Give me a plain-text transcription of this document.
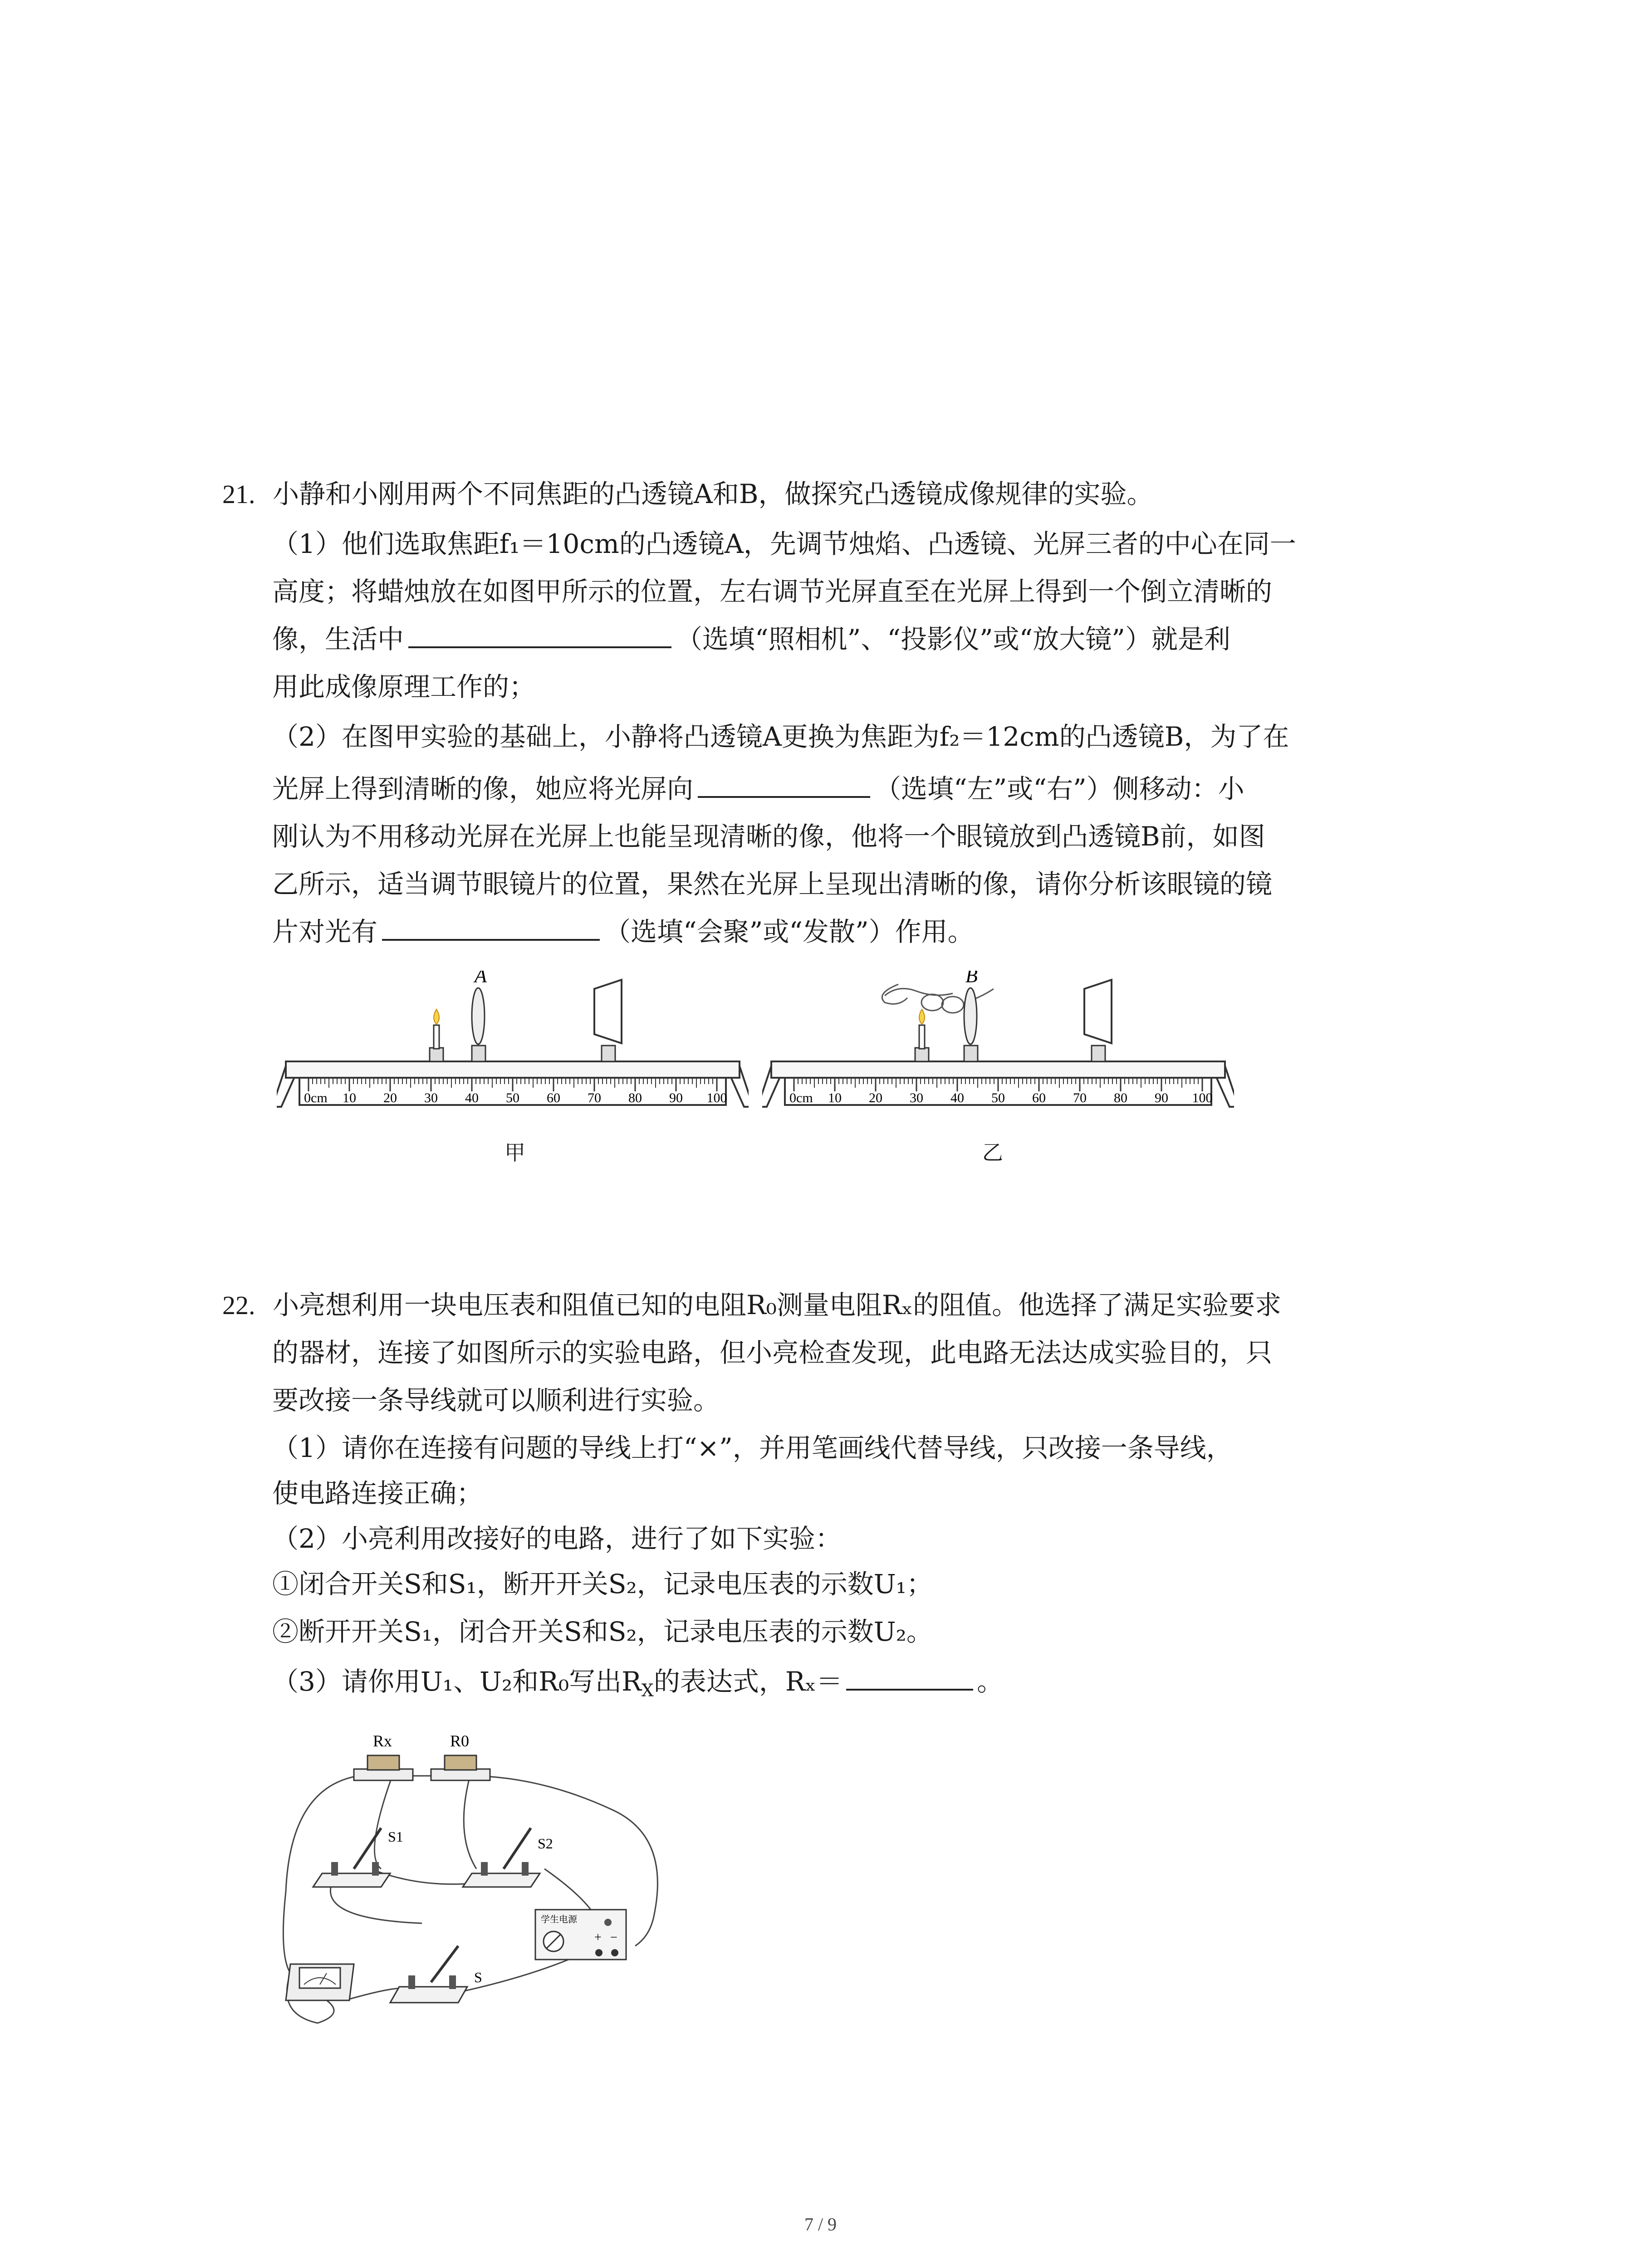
21. 小静和小刚用两个不同焦距的凸透镜A和B，做探究凸透镜成像规律的实验。
（1）他们选取焦距f₁＝10cm的凸透镜A，先调节烛焰、凸透镜、光屏三者的中心在同一
高度；将蜡烛放在如图甲所示的位置，左右调节光屏直至在光屏上得到一个倒立清晰的
像，生活中	（选填“照相机”、“投影仪”或“放大镜”）就是利
用此成像原理工作的；
（2）在图甲实验的基础上，小静将凸透镜A更换为焦距为f₂＝12cm的凸透镜B，为了在
光屏上得到清晰的像，她应将光屏向	（选填“左”或“右”）侧移动：小
刚认为不用移动光屏在光屏上也能呈现清晰的像，他将一个眼镜放到凸透镜B前，如图
乙所示，适当调节眼镜片的位置，果然在光屏上呈现出清晰的像，请你分析该眼镜的镜
片对光有	（选填“会聚”或“发散”）作用。
0cm 10 20 30 40 50 60 70 80 90 100
A
甲
0cm 10 20 30 40 50 60 70 80 90 100
B
乙
22. 小亮想利用一块电压表和阻值已知的电阻R₀测量电阻Rₓ的阻值。他选择了满足实验要求
的器材，连接了如图所示的实验电路，但小亮检查发现，此电路无法达成实验目的，只
要改接一条导线就可以顺利进行实验。
（1）请你在连接有问题的导线上打“×”，并用笔画线代替导线，只改接一条导线，
使电路连接正确；
（2）小亮利用改接好的电路，进行了如下实验：
①闭合开关S和S₁，断开开关S₂，记录电压表的示数U₁；
②断开开关S₁，闭合开关S和S₂，记录电压表的示数U₂。
（3）请你用U₁、U₂和R₀写出$R_X$的表达式，Rₓ＝	。
Rx	R0
S1	S2
S
学生电源
+ −
7 / 9
